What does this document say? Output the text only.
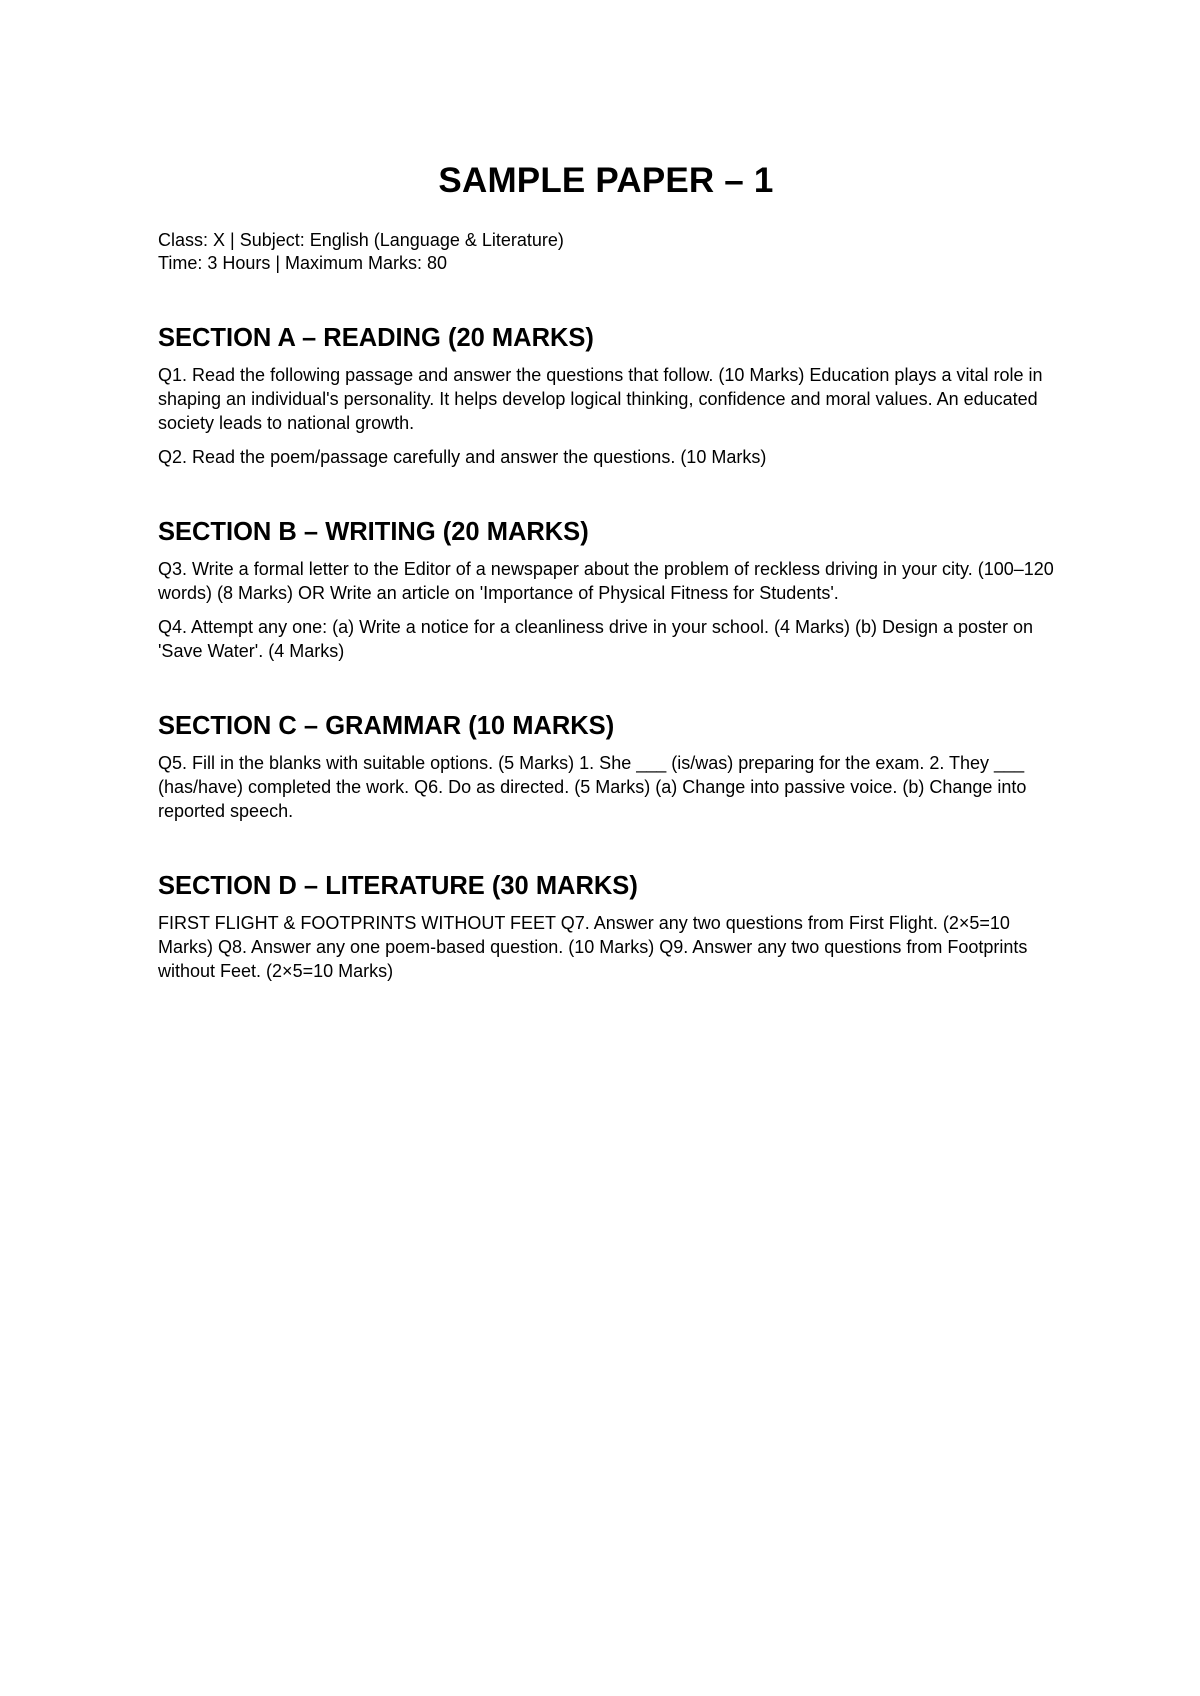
SAMPLE PAPER – 1
Class: X | Subject: English (Language & Literature)
Time: 3 Hours | Maximum Marks: 80
SECTION A – READING (20 MARKS)

Q1. Read the following passage and answer the questions that follow. (10 Marks) Education plays a vital role in shaping an individual's personality. It helps develop logical thinking, confidence and moral values. An educated society leads to national growth.

Q2. Read the poem/passage carefully and answer the questions. (10 Marks)

SECTION B – WRITING (20 MARKS)

Q3. Write a formal letter to the Editor of a newspaper about the problem of reckless driving in your city. (100–120 words) (8 Marks) OR Write an article on 'Importance of Physical Fitness for Students'.

Q4. Attempt any one: (a) Write a notice for a cleanliness drive in your school. (4 Marks) (b) Design a poster on 'Save Water'. (4 Marks)

SECTION C – GRAMMAR (10 MARKS)

Q5. Fill in the blanks with suitable options. (5 Marks) 1. She ___ (is/was) preparing for the exam. 2. They ___ (has/have) completed the work. Q6. Do as directed. (5 Marks) (a) Change into passive voice. (b) Change into reported speech.

SECTION D – LITERATURE (30 MARKS)

FIRST FLIGHT & FOOTPRINTS WITHOUT FEET Q7. Answer any two questions from First Flight. (2×5=10 Marks) Q8. Answer any one poem-based question. (10 Marks) Q9. Answer any two questions from Footprints without Feet. (2×5=10 Marks)
